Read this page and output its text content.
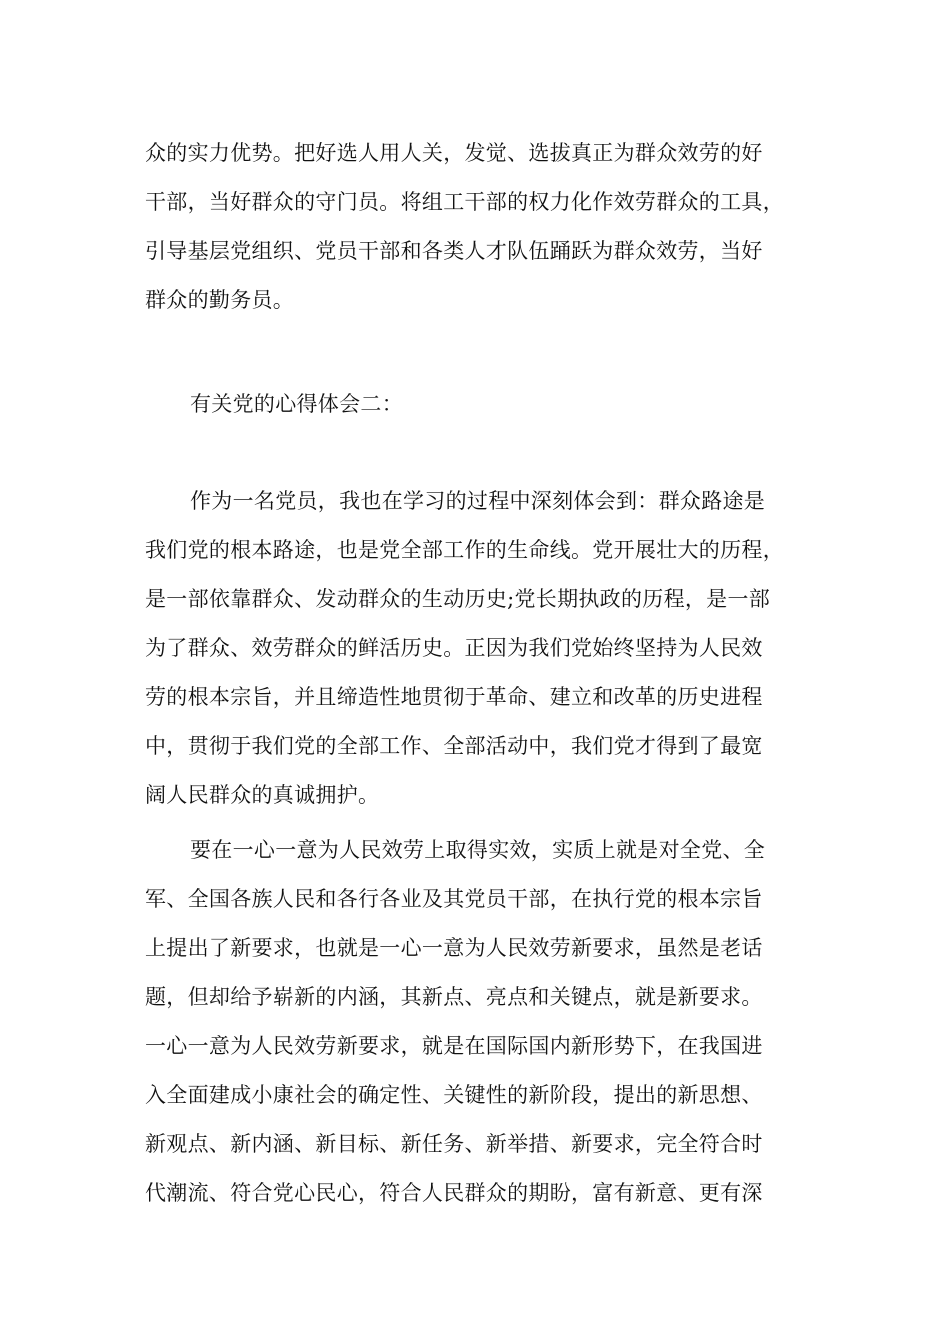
众的实力优势。把好选人用人关，发觉、选拔真正为群众效劳的好
干部，当好群众的守门员。将组工干部的权力化作效劳群众的工具，
引导基层党组织、党员干部和各类人才队伍踊跃为群众效劳，当好
群众的勤务员。
有关党的心得体会二：
作为一名党员，我也在学习的过程中深刻体会到：群众路途是
我们党的根本路途，也是党全部工作的生命线。党开展壮大的历程，
是一部依靠群众、发动群众的生动历史;党长期执政的历程，是一部
为了群众、效劳群众的鲜活历史。正因为我们党始终坚持为人民效
劳的根本宗旨，并且缔造性地贯彻于革命、建立和改革的历史进程
中，贯彻于我们党的全部工作、全部活动中，我们党才得到了最宽
阔人民群众的真诚拥护。
要在一心一意为人民效劳上取得实效，实质上就是对全党、全
军、全国各族人民和各行各业及其党员干部，在执行党的根本宗旨
上提出了新要求，也就是一心一意为人民效劳新要求，虽然是老话
题，但却给予崭新的内涵，其新点、亮点和关键点，就是新要求。
一心一意为人民效劳新要求，就是在国际国内新形势下，在我国进
入全面建成小康社会的确定性、关键性的新阶段，提出的新思想、
新观点、新内涵、新目标、新任务、新举措、新要求，完全符合时
代潮流、符合党心民心，符合人民群众的期盼，富有新意、更有深
